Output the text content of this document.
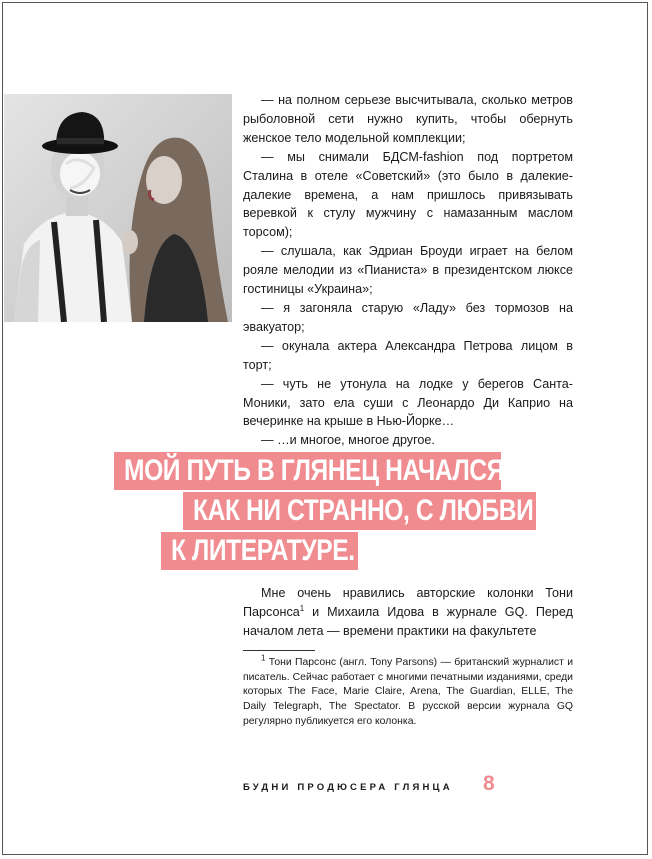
— на полном серьезе высчитывала, сколько метров рыболовной сети нужно купить, чтобы обернуть женское тело модельной комплекции;

— мы снимали БДСМ-fashion под портретом Сталина в отеле «Советский» (это было в далекие-далекие времена, а нам пришлось привязывать веревкой к стулу мужчину с намазанным маслом торсом);

— слушала, как Эдриан Броуди играет на белом рояле мелодии из «Пианиста» в президентском люксе гостиницы «Украина»;

— я загоняла старую «Ладу» без тормозов на эвакуатор;

— окунала актера Александра Петрова лицом в торт;

— чуть не утонула на лодке у берегов Санта-Моники, зато ела суши с Леонардо Ди Каприо на вечеринке на крыше в Нью-Йорке…

— …и многое, многое другое.

МОЙ ПУТЬ В ГЛЯНЕЦ НАЧАЛСЯ,
КАК НИ СТРАННО, С ЛЮБВИ
К ЛИТЕРАТУРЕ.

Мне очень нравились авторские колонки Тони Парсонса$^1$ и Михаила Идова в журнале GQ. Перед началом лета — времени практики на факультете

$^1$ Тони Парсонс (англ. Tony Parsons) — британский журналист и писатель. Сейчас работает с многими печатными изданиями, среди которых The Face, Marie Claire, Arena, The Guardian, ELLE, The Daily Telegraph, The Spectator. В русской версии журнала GQ регулярно публикуется его колонка.

БУДНИ ПРОДЮСЕРА ГЛЯНЦА 8
